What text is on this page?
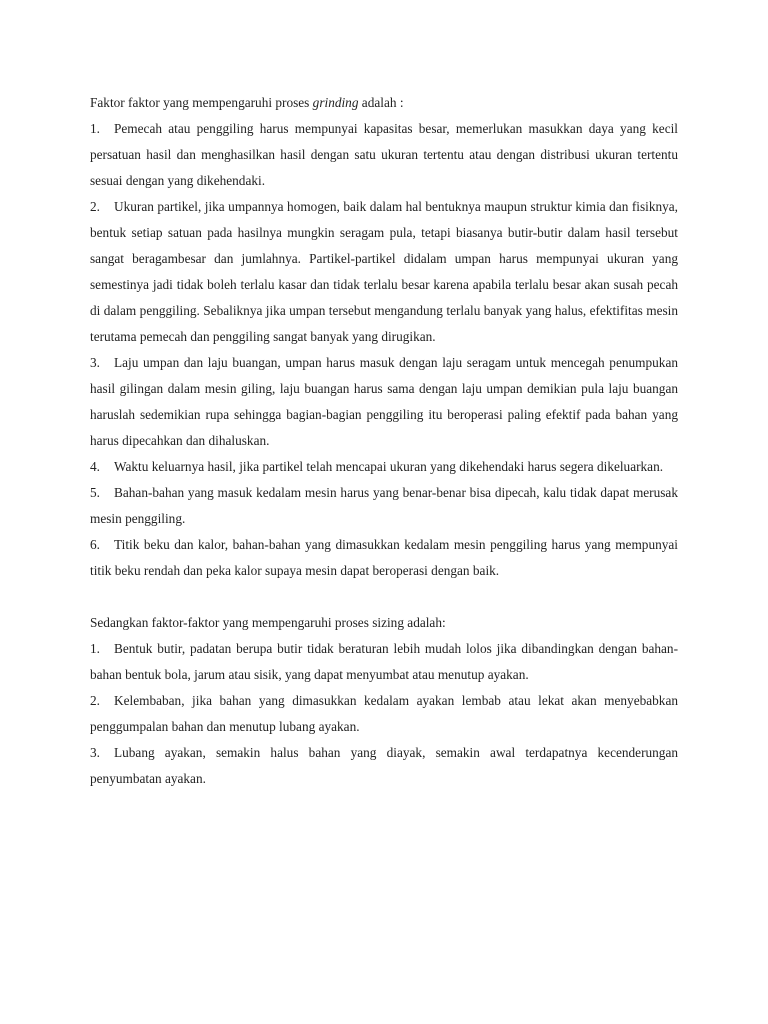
Faktor faktor yang mempengaruhi proses grinding adalah :

1. Pemecah atau penggiling harus mempunyai kapasitas besar, memerlukan masukkan daya yang kecil persatuan hasil dan menghasilkan hasil dengan satu ukuran tertentu atau dengan distribusi ukuran tertentu sesuai dengan yang dikehendaki.

2. Ukuran partikel, jika umpannya homogen, baik dalam hal bentuknya maupun struktur kimia dan fisiknya, bentuk setiap satuan pada hasilnya mungkin seragam pula, tetapi biasanya butir-butir dalam hasil tersebut sangat beragambesar dan jumlahnya. Partikel-partikel didalam umpan harus mempunyai ukuran yang semestinya jadi tidak boleh terlalu kasar dan tidak terlalu besar karena apabila terlalu besar akan susah pecah di dalam penggiling. Sebaliknya jika umpan tersebut mengandung terlalu banyak yang halus, efektifitas mesin terutama pemecah dan penggiling sangat banyak yang dirugikan.

3. Laju umpan dan laju buangan, umpan harus masuk dengan laju seragam untuk mencegah penumpukan hasil gilingan dalam mesin giling, laju buangan harus sama dengan laju umpan demikian pula laju buangan haruslah sedemikian rupa sehingga bagian-bagian penggiling itu beroperasi paling efektif pada bahan yang harus dipecahkan dan dihaluskan.

4. Waktu keluarnya hasil, jika partikel telah mencapai ukuran yang dikehendaki harus segera dikeluarkan.

5. Bahan-bahan yang masuk kedalam mesin harus yang benar-benar bisa dipecah, kalu tidak dapat merusak mesin penggiling.

6. Titik beku dan kalor, bahan-bahan yang dimasukkan kedalam mesin penggiling harus yang mempunyai titik beku rendah dan peka kalor supaya mesin dapat beroperasi dengan baik.

Sedangkan faktor-faktor yang mempengaruhi proses sizing adalah:

1. Bentuk butir, padatan berupa butir tidak beraturan lebih mudah lolos jika dibandingkan dengan bahan-bahan bentuk bola, jarum atau sisik, yang dapat menyumbat atau menutup ayakan.

2. Kelembaban, jika bahan yang dimasukkan kedalam ayakan lembab atau lekat akan menyebabkan penggumpalan bahan dan menutup lubang ayakan.

3. Lubang ayakan, semakin halus bahan yang diayak, semakin awal terdapatnya kecenderungan penyumbatan ayakan.
